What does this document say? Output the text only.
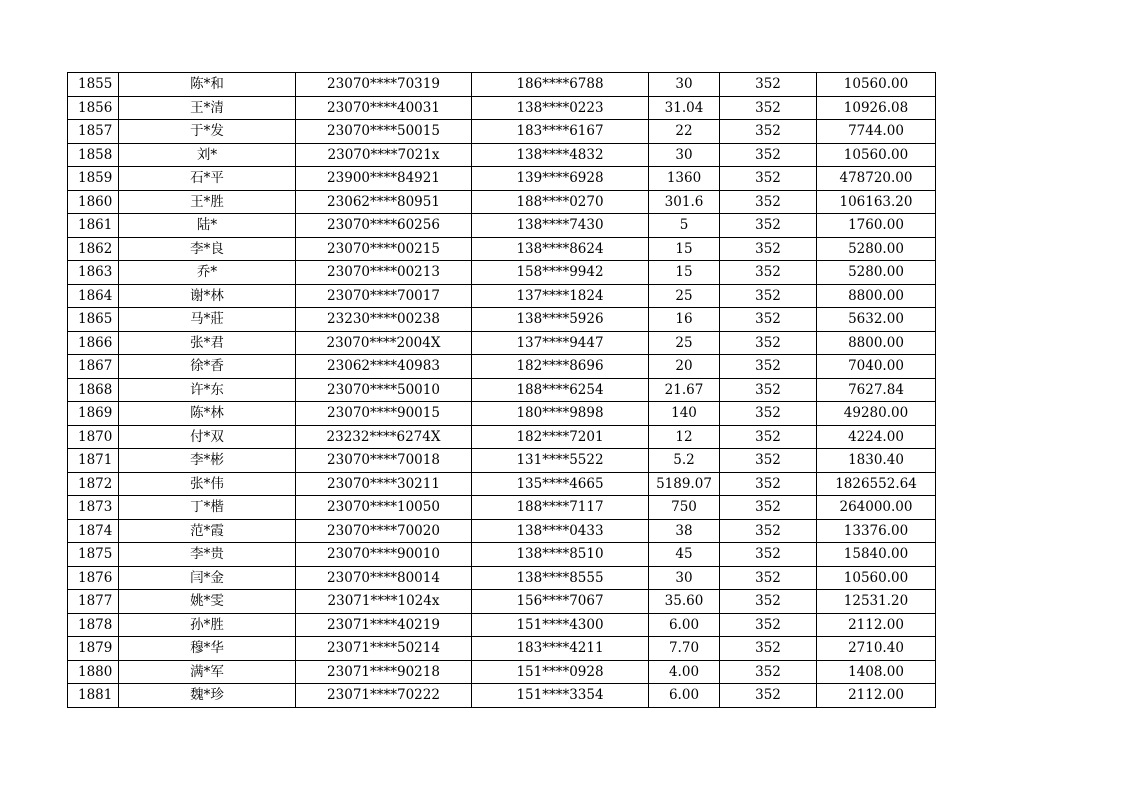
1855	陈*和	23070****70319	186****6788	30	352	10560.00
1856	王*清	23070****40031	138****0223	31.04	352	10926.08
1857	于*发	23070****50015	183****6167	22	352	7744.00
1858	刘*	23070****7021x	138****4832	30	352	10560.00
1859	石*平	23900****84921	139****6928	1360	352	478720.00
1860	王*胜	23062****80951	188****0270	301.6	352	106163.20
1861	陆*	23070****60256	138****7430	5	352	1760.00
1862	李*良	23070****00215	138****8624	15	352	5280.00
1863	乔*	23070****00213	158****9942	15	352	5280.00
1864	谢*林	23070****70017	137****1824	25	352	8800.00
1865	马*莊	23230****00238	138****5926	16	352	5632.00
1866	张*君	23070****2004X	137****9447	25	352	8800.00
1867	徐*香	23062****40983	182****8696	20	352	7040.00
1868	许*东	23070****50010	188****6254	21.67	352	7627.84
1869	陈*林	23070****90015	180****9898	140	352	49280.00
1870	付*双	23232****6274X	182****7201	12	352	4224.00
1871	李*彬	23070****70018	131****5522	5.2	352	1830.40
1872	张*伟	23070****30211	135****4665	5189.07	352	1826552.64
1873	丁*楷	23070****10050	188****7117	750	352	264000.00
1874	范*霞	23070****70020	138****0433	38	352	13376.00
1875	李*贵	23070****90010	138****8510	45	352	15840.00
1876	闫*金	23070****80014	138****8555	30	352	10560.00
1877	姚*雯	23071****1024x	156****7067	35.60	352	12531.20
1878	孙*胜	23071****40219	151****4300	6.00	352	2112.00
1879	穆*华	23071****50214	183****4211	7.70	352	2710.40
1880	满*军	23071****90218	151****0928	4.00	352	1408.00
1881	魏*珍	23071****70222	151****3354	6.00	352	2112.00
